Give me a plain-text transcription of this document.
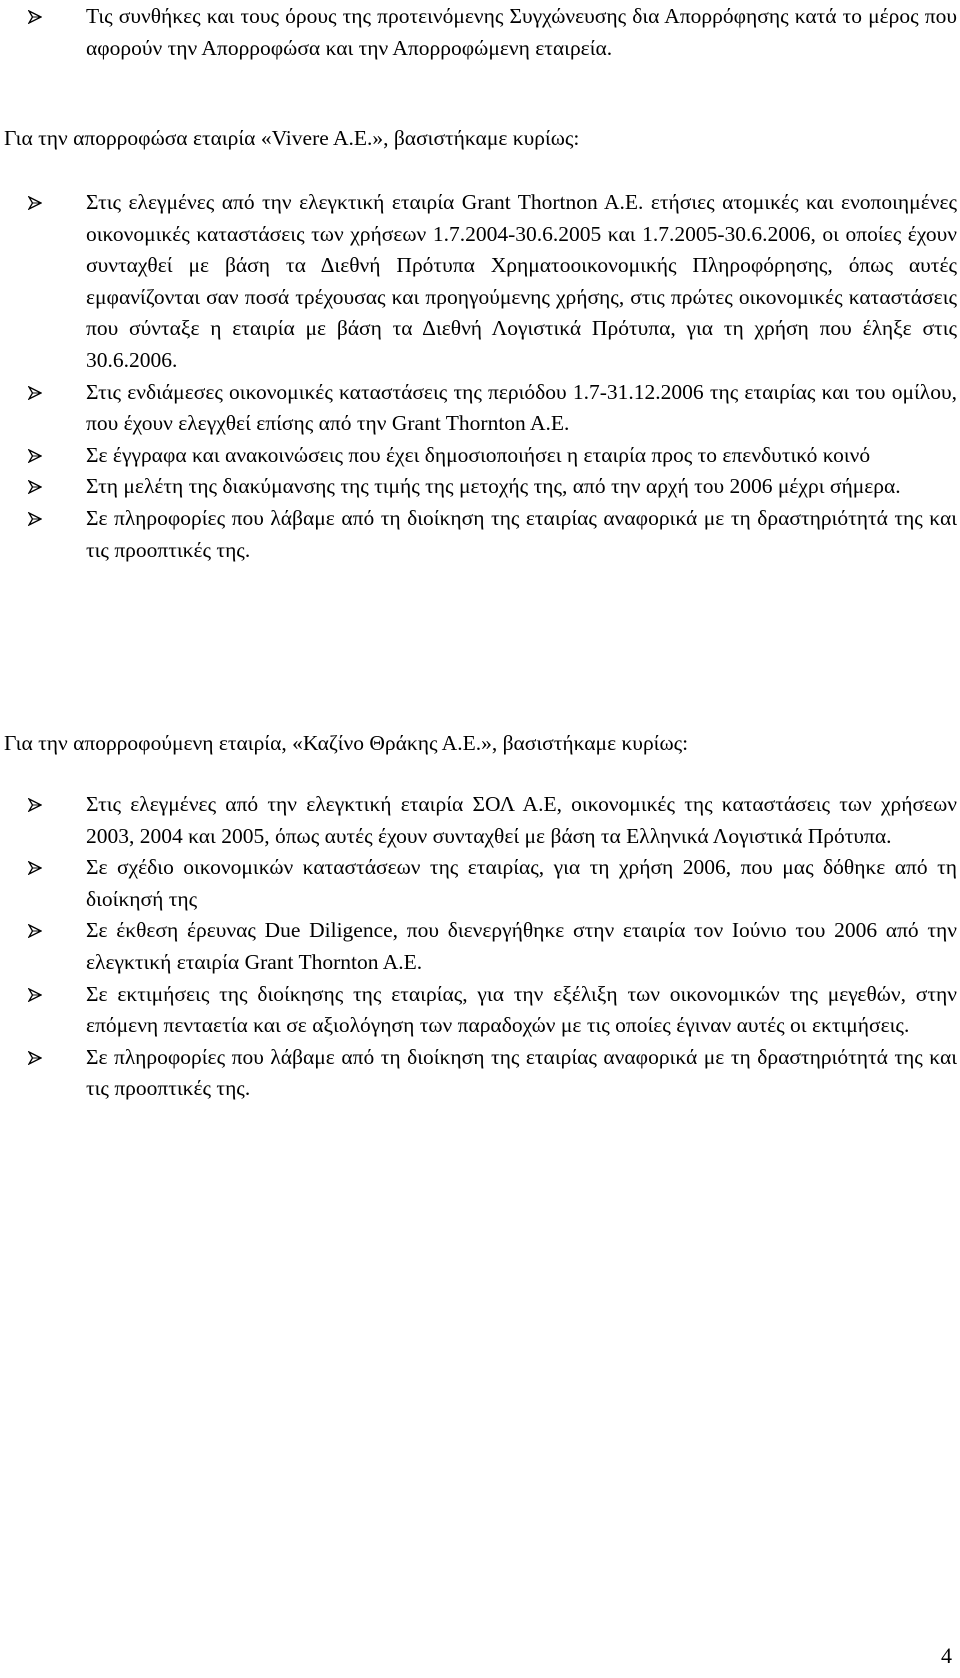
Τις συνθήκες και τους όρους της προτεινόμενης Συγχώνευσης δια Απορρόφησης κατά το μέρος που αφορούν την Απορροφώσα και την Απορροφώμενη εταιρεία.

Για την απορροφώσα εταιρία «Vivere A.E.», βασιστήκαμε κυρίως:

Στις ελεγμένες από την ελεγκτική εταιρία Grant Thortnon A.E. ετήσιες ατομικές και ενοποιημένες οικονομικές καταστάσεις των χρήσεων 1.7.2004-30.6.2005 και 1.7.2005-30.6.2006, οι οποίες έχουν συνταχθεί με βάση τα Διεθνή Πρότυπα Χρηματοοικονομικής Πληροφόρησης, όπως αυτές εμφανίζονται σαν ποσά τρέχουσας και προηγούμενης χρήσης, στις πρώτες οικονομικές καταστάσεις που σύνταξε η εταιρία με βάση τα Διεθνή Λογιστικά Πρότυπα, για τη χρήση που έληξε στις 30.6.2006.
Στις ενδιάμεσες οικονομικές καταστάσεις της περιόδου 1.7-31.12.2006 της εταιρίας και του ομίλου, που έχουν ελεγχθεί επίσης από την Grant Thornton A.E.
Σε έγγραφα και ανακοινώσεις που έχει δημοσιοποιήσει η εταιρία προς το επενδυτικό κοινό
Στη μελέτη της διακύμανσης της τιμής της μετοχής της, από την αρχή του 2006 μέχρι σήμερα.
Σε πληροφορίες που λάβαμε από τη διοίκηση της εταιρίας αναφορικά με τη δραστηριότητά της και τις προοπτικές της.

Για την απορροφούμενη εταιρία, «Καζίνο Θράκης Α.Ε.», βασιστήκαμε κυρίως:

Στις ελεγμένες από την ελεγκτική εταιρία ΣΟΛ Α.Ε, οικονομικές της καταστάσεις των χρήσεων 2003, 2004 και 2005, όπως αυτές έχουν συνταχθεί με βάση τα Ελληνικά Λογιστικά Πρότυπα.
Σε σχέδιο οικονομικών καταστάσεων της εταιρίας, για τη χρήση 2006, που μας δόθηκε από τη διοίκησή της
Σε έκθεση έρευνας Due Diligence, που διενεργήθηκε στην εταιρία τον Ιούνιο του 2006 από την ελεγκτική εταιρία Grant Thornton A.E.
Σε εκτιμήσεις της διοίκησης της εταιρίας, για την εξέλιξη των οικονομικών της μεγεθών, στην επόμενη πενταετία και σε αξιολόγηση των παραδοχών με τις οποίες έγιναν αυτές οι εκτιμήσεις.
Σε πληροφορίες που λάβαμε από τη διοίκηση της εταιρίας αναφορικά με τη δραστηριότητά της και τις προοπτικές της.
4
